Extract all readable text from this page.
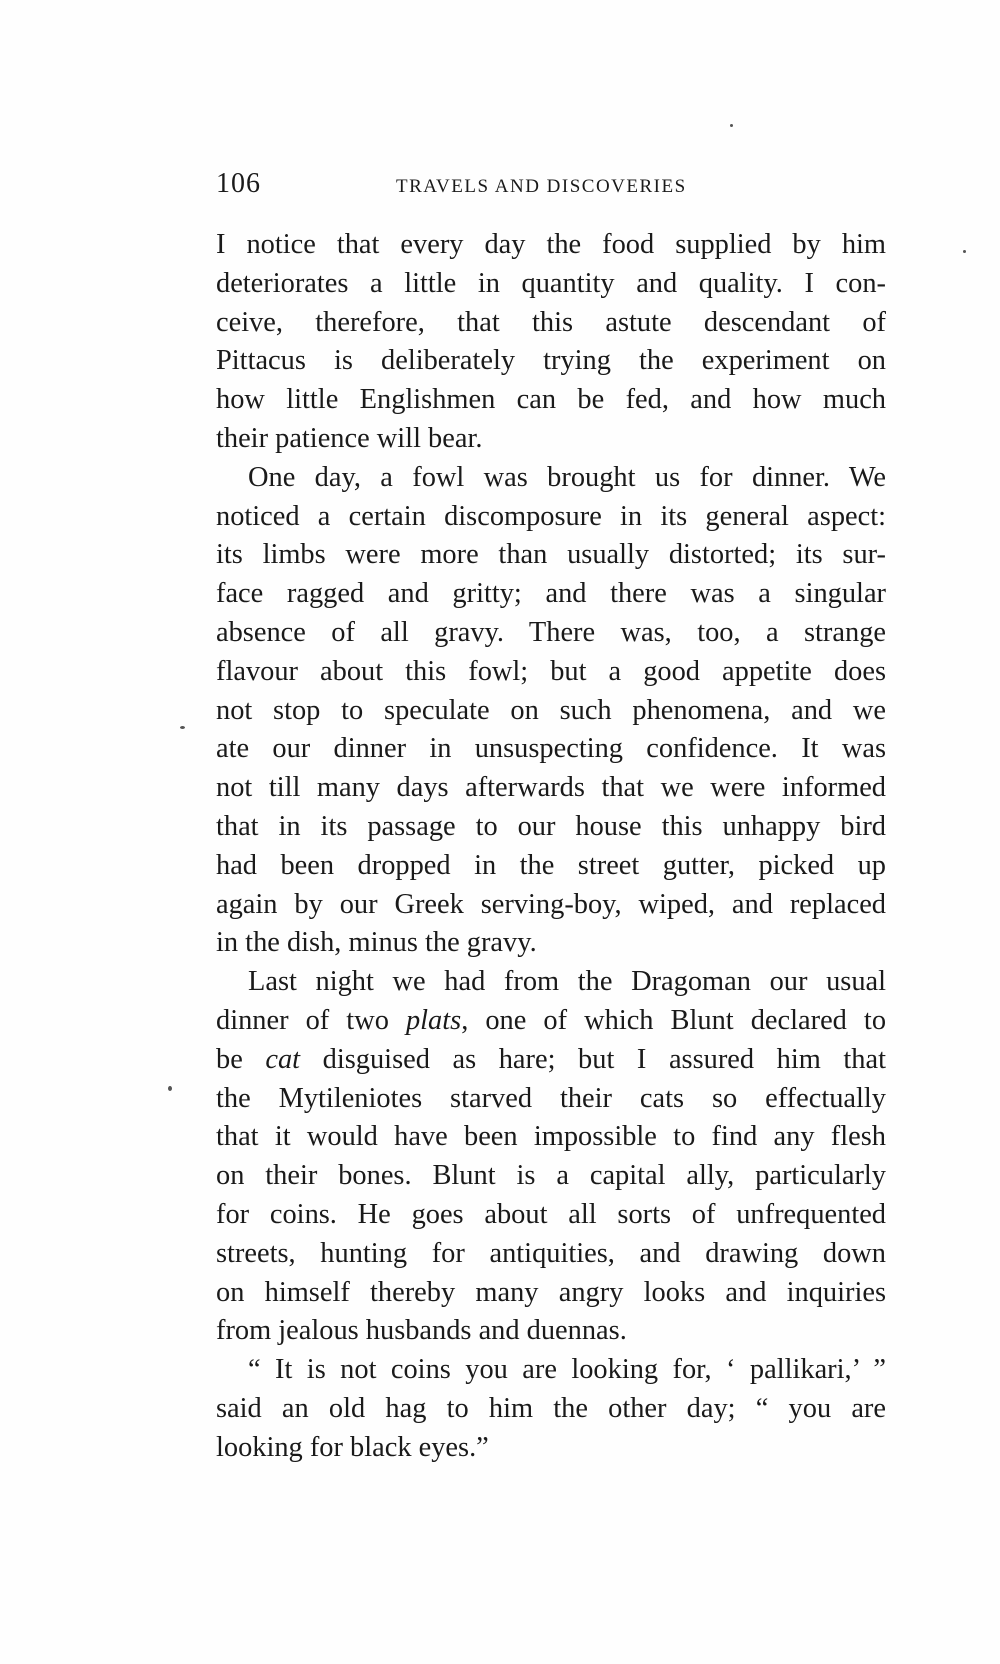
106	TRAVELS AND DISCOVERIES
I notice that every day the food supplied by him
deteriorates a little in quantity and quality. I con-
ceive, therefore, that this astute descendant of
Pittacus is deliberately trying the experiment on
how little Englishmen can be fed, and how much
their patience will bear.
One day, a fowl was brought us for dinner. We
noticed a certain discomposure in its general aspect:
its limbs were more than usually distorted; its sur-
face ragged and gritty; and there was a singular
absence of all gravy. There was, too, a strange
flavour about this fowl; but a good appetite does
not stop to speculate on such phenomena, and we
ate our dinner in unsuspecting confidence. It was
not till many days afterwards that we were informed
that in its passage to our house this unhappy bird
had been dropped in the street gutter, picked up
again by our Greek serving-boy, wiped, and replaced
in the dish, minus the gravy.
Last night we had from the Dragoman our usual
dinner of two plats, one of which Blunt declared to
be cat disguised as hare; but I assured him that
the Mytileniotes starved their cats so effectually
that it would have been impossible to find any flesh
on their bones. Blunt is a capital ally, particularly
for coins. He goes about all sorts of unfrequented
streets, hunting for antiquities, and drawing down
on himself thereby many angry looks and inquiries
from jealous husbands and duennas.
“ It is not coins you are looking for, ‘ pallikari,’ ”
said an old hag to him the other day; “ you are
looking for black eyes.”
